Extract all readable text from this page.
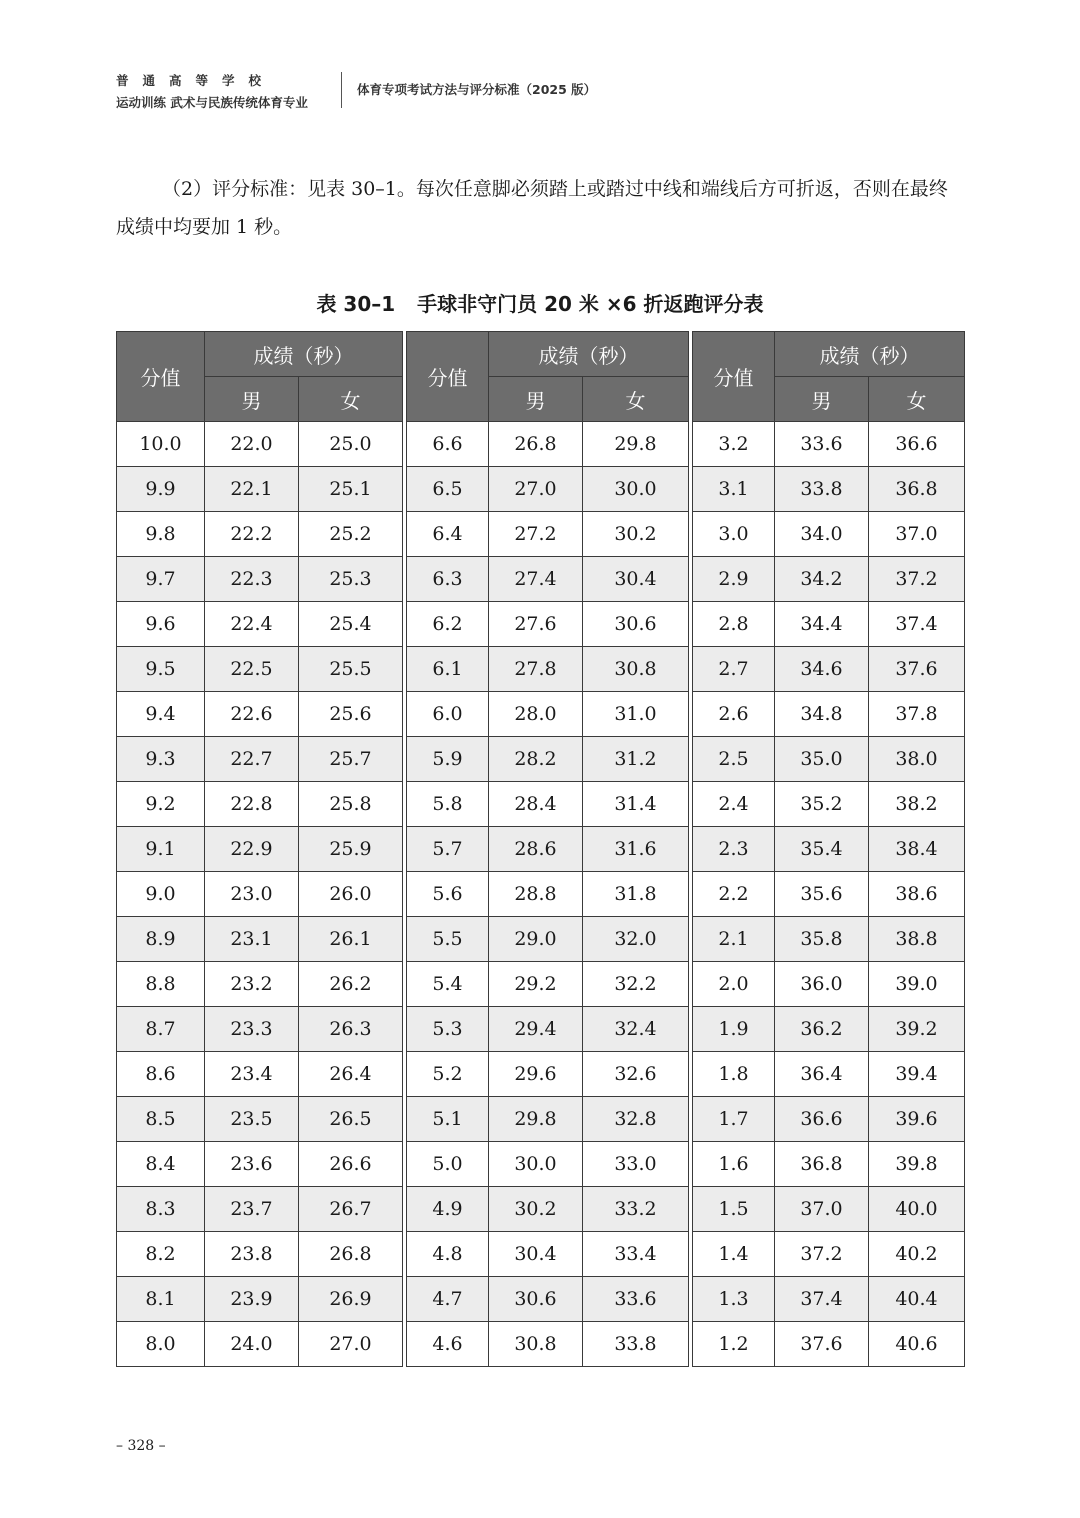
普通高等学校
运动训练 武术与民族传统体育专业
体育专项考试方法与评分标准（2025 版）
（2）评分标准：见表 30–1。每次任意脚必须踏上或踏过中线和端线后方可折返，否则在最终成绩中均要加 1 秒。
表 30–1 手球非守门员 20 米 ×6 折返跑评分表
分值	成绩（秒）	
	男	女
10.0	22.0	25.0
9.9	22.1	25.1
9.8	22.2	25.2
9.7	22.3	25.3
9.6	22.4	25.4
9.5	22.5	25.5
9.4	22.6	25.6
9.3	22.7	25.7
9.2	22.8	25.8
9.1	22.9	25.9
9.0	23.0	26.0
8.9	23.1	26.1
8.8	23.2	26.2
8.7	23.3	26.3
8.6	23.4	26.4
8.5	23.5	26.5
8.4	23.6	26.6
8.3	23.7	26.7
8.2	23.8	26.8
8.1	23.9	26.9
8.0	24.0	27.0
分值	成绩（秒）	
	男	女
6.6	26.8	29.8
6.5	27.0	30.0
6.4	27.2	30.2
6.3	27.4	30.4
6.2	27.6	30.6
6.1	27.8	30.8
6.0	28.0	31.0
5.9	28.2	31.2
5.8	28.4	31.4
5.7	28.6	31.6
5.6	28.8	31.8
5.5	29.0	32.0
5.4	29.2	32.2
5.3	29.4	32.4
5.2	29.6	32.6
5.1	29.8	32.8
5.0	30.0	33.0
4.9	30.2	33.2
4.8	30.4	33.4
4.7	30.6	33.6
4.6	30.8	33.8
分值	成绩（秒）	
	男	女
3.2	33.6	36.6
3.1	33.8	36.8
3.0	34.0	37.0
2.9	34.2	37.2
2.8	34.4	37.4
2.7	34.6	37.6
2.6	34.8	37.8
2.5	35.0	38.0
2.4	35.2	38.2
2.3	35.4	38.4
2.2	35.6	38.6
2.1	35.8	38.8
2.0	36.0	39.0
1.9	36.2	39.2
1.8	36.4	39.4
1.7	36.6	39.6
1.6	36.8	39.8
1.5	37.0	40.0
1.4	37.2	40.2
1.3	37.4	40.4
1.2	37.6	40.6
– 328 –
